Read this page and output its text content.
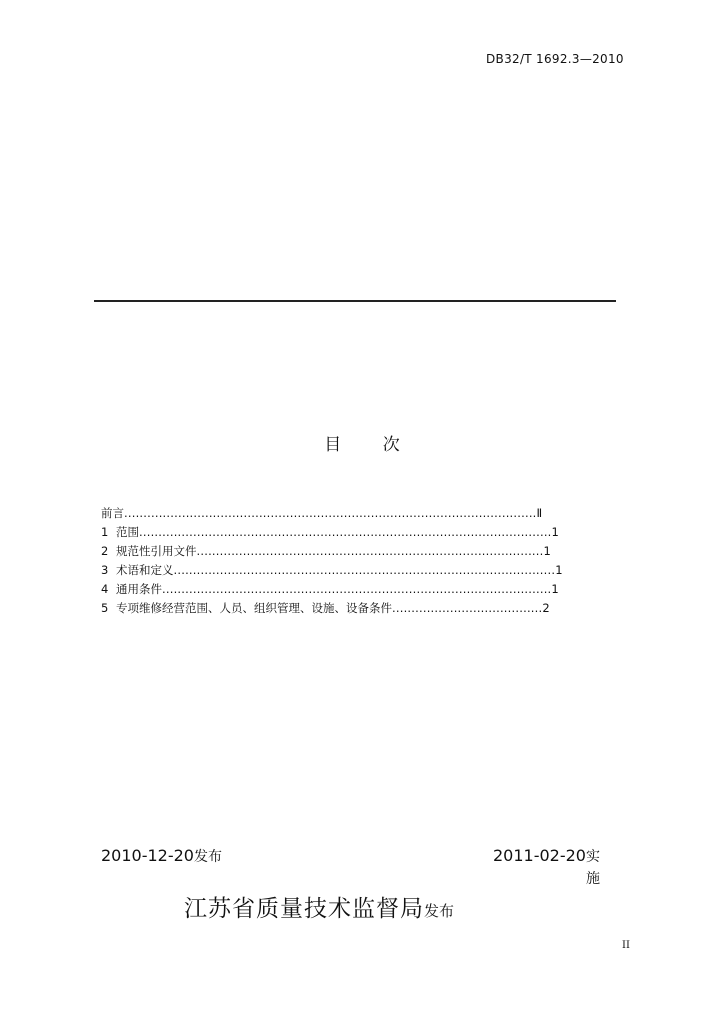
DB32/T 1692.3—2010
目 次
前言...........................................................................................................Ⅱ
1 范围...........................................................................................................1
2 规范性引用文件..........................................................................................1
3 术语和定义...................................................................................................1
4 通用条件.....................................................................................................1
5 专项维修经营范围、人员、组织管理、设施、设备条件.......................................2
2010-12-20发布	2011-02-20实施
江苏省质量技术监督局发布
II
